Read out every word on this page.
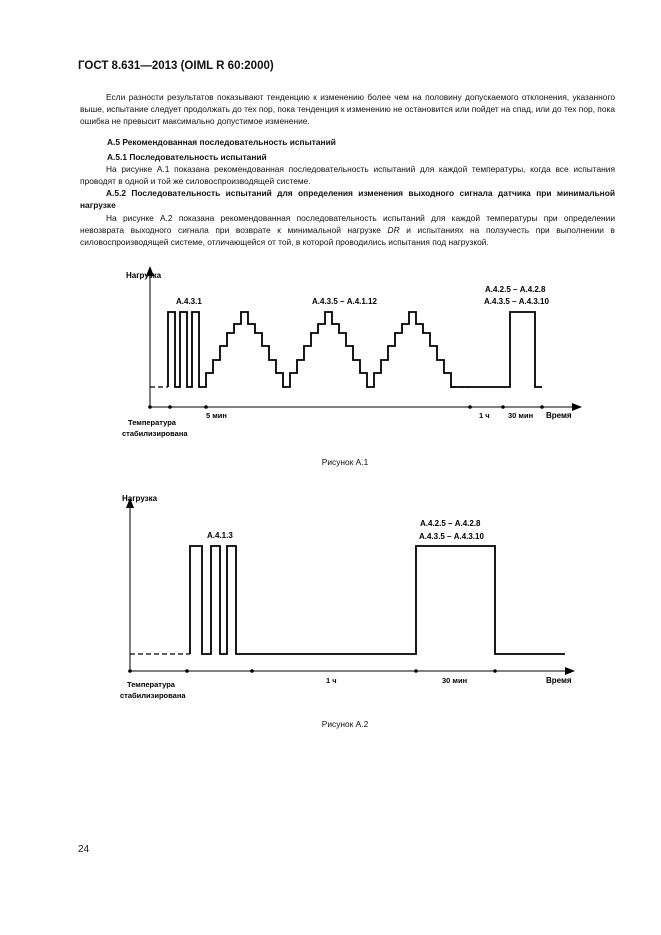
ГОСТ 8.631—2013 (OIML R 60:2000)
Если разности результатов показывают тенденцию к изменению более чем на половину допускаемого отклонения, указанного выше, испытание следует продолжать до тех пор, пока тенденция к изменению не остановится или пойдет на спад, или до тех пор, пока ошибка не превысит максимально допустимое изменение.
А.5 Рекомендованная последовательность испытаний
А.5.1 Последовательность испытаний
На рисунке А.1 показана рекомендованная последовательность испытаний для каждой температуры, когда все испытания проводят в одной и той же силовоспроизводящей системе.
А.5.2 Последовательность испытаний для определения изменения выходного сигнала датчика при минимальной нагрузке
На рисунке А.2 показана рекомендованная последовательность испытаний для каждой температуры при определении невозврата выходного сигнала при возврате к минимальной нагрузке DR и испытаниях на ползучесть при выполнении в силовоспроизводящей системе, отличающейся от той, в которой проводились испытания под нагрузкой.
Нагрузка
А.4.3.1	А.4.3.5 – А.4.1.12
А.4.2.5 – А.4.2.8
А.4.3.5 – А.4.3.10
5 мин	1 ч 30 мин Время
Температура
стабилизирована
Рисунок А.1
Нагрузка
А.4.1.3
А.4.2.5 – А.4.2.8
А.4.3.5 – А.4.3.10
1 ч	30 мин	Время
Температура
стабилизирована
Рисунок А.2
24
